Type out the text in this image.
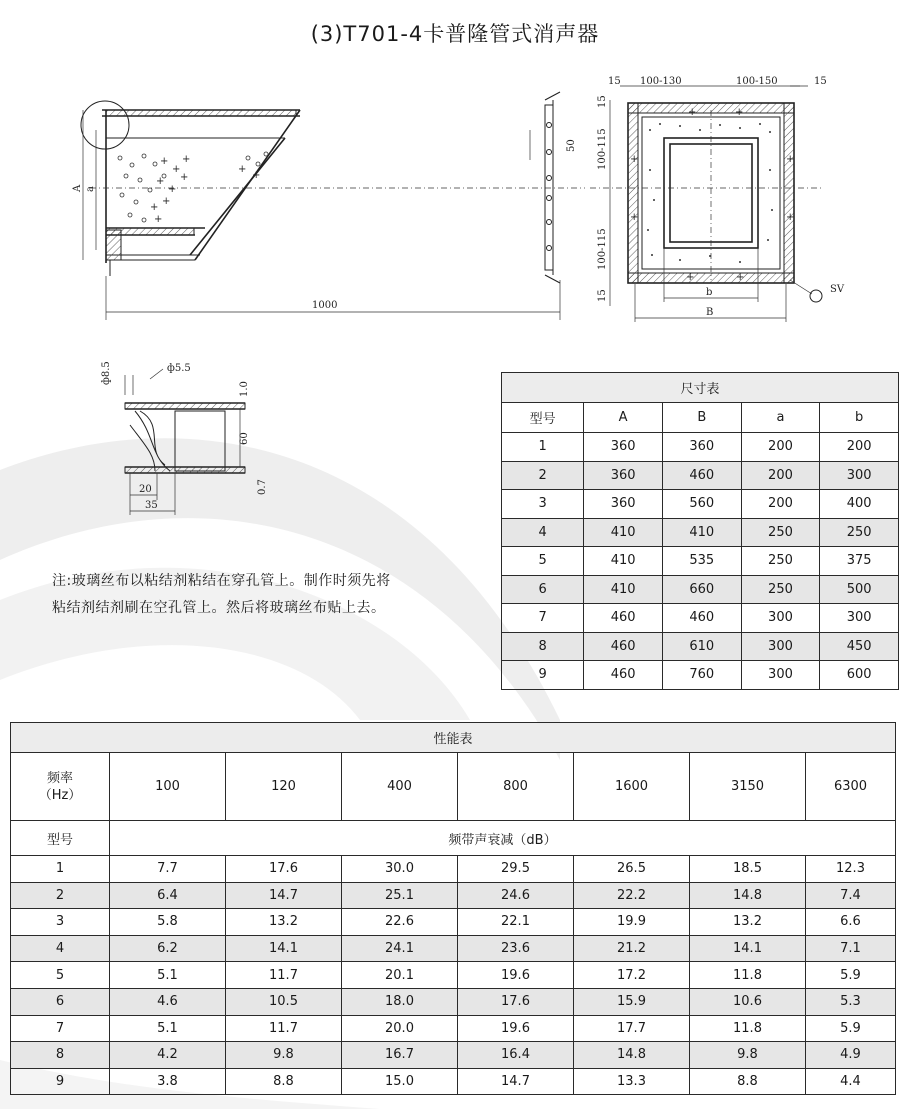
(3)T701-4卡普隆管式消声器
+
+
+
+
+
+
+
+
+
+
+
A a
50
1000
15 100-130	100-150	15
15
100-115
100-115
15
+	+
+
+
+
+
+	+
b
B
SV
ф8.5	ф5.5
1.0
60
0.7
20
35
注:玻璃丝布以粘结剂粘结在穿孔管上。制作时须先将粘结剂结剂刷在空孔管上。然后将玻璃丝布贴上去。
尺寸表				
型号	A	B	a	b
1	360	360	200	200
2	360	460	200	300
3	360	560	200	400
4	410	410	250	250
5	410	535	250	375
6	410	660	250	500
7	460	460	300	300
8	460	610	300	450
9	460	760	300	600
性能表							
频率
（Hz）	100	120	400	800	1600	3150	6300
型号	频带声衰减（dB）						
1	7.7	17.6	30.0	29.5	26.5	18.5	12.3
2	6.4	14.7	25.1	24.6	22.2	14.8	7.4
3	5.8	13.2	22.6	22.1	19.9	13.2	6.6
4	6.2	14.1	24.1	23.6	21.2	14.1	7.1
5	5.1	11.7	20.1	19.6	17.2	11.8	5.9
6	4.6	10.5	18.0	17.6	15.9	10.6	5.3
7	5.1	11.7	20.0	19.6	17.7	11.8	5.9
8	4.2	9.8	16.7	16.4	14.8	9.8	4.9
9	3.8	8.8	15.0	14.7	13.3	8.8	4.4
